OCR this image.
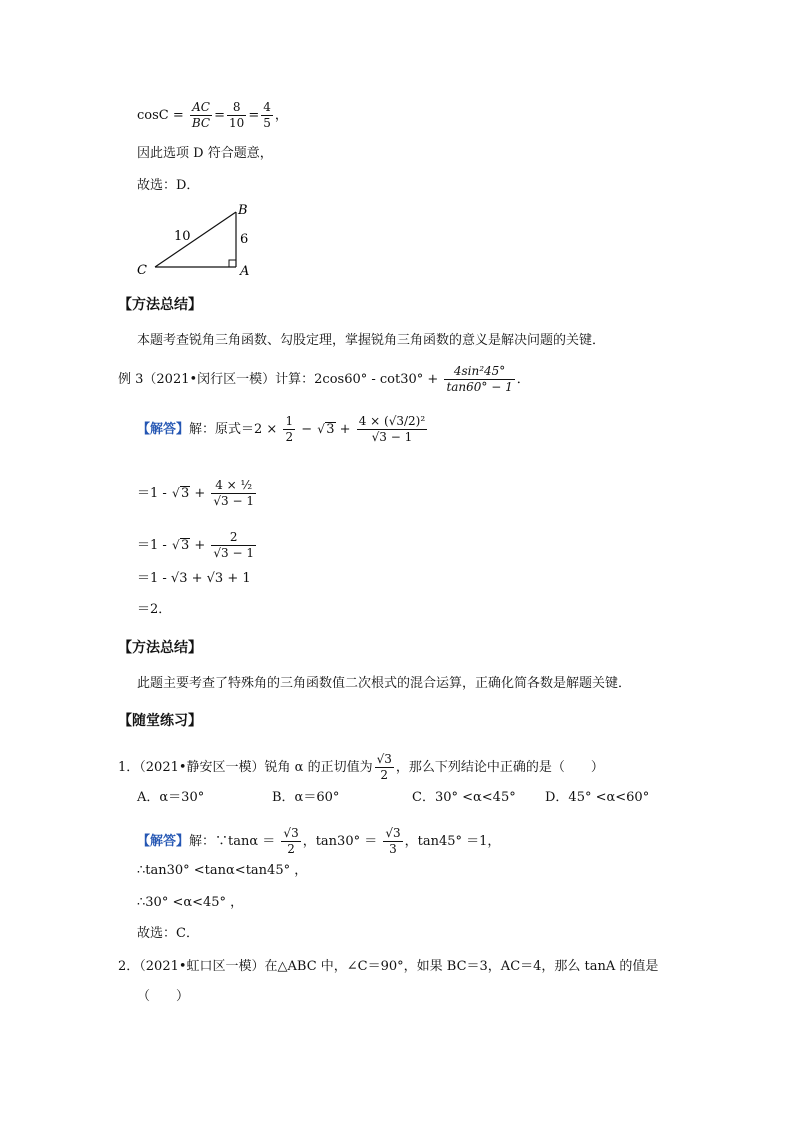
$\cos C = \frac{AC}{BC} = \frac{8}{10} = \frac{4}{5}$ ，
因此选项 D 符合题意，
故选：D．
B
A
C
10	6
【方法总结】
本题考查锐角三角函数、勾股定理，掌握锐角三角函数的意义是解决问题的关键．
例 3（2021•闵行区一模）计算：$2\cos 60^\circ - \cot 30^\circ + \frac{\text{4sin²45°}}{\tan 60^\circ - 1}$ ．
【解答】解：原式$=2 \times \frac{1}{2}$ − √ $3 + \frac{\text{4 × (√3/2)²}}{√3 - 1}$
＝1 - √ $3 + \frac{\text{4 × ½}}{√3 - 1}$
＝1 - √ $3 + \frac{2}{√3 - 1}$
＝1 - √3 + √3 + 1
＝2．
【方法总结】
此题主要考查了特殊角的三角函数值二次根式的混合运算，正确化简各数是解题关键．
【随堂练习】
1．（2021•静安区一模）锐角 α 的正切值为 $\frac{√3}{2}$ ，那么下列结论中正确的是（　　）
A．α＝30°	B．α＝60°	C．30° <α<45° D．45° <α<60°
【解答】解：∵tanα ＝ $\frac{√3}{2}$ ，$\tan 30^\circ = \frac{√3}{3}$ ，tan45° ＝1，
∴tan30° <tanα<tan45° ，
∴30° <α<45° ，
故选：C．
2．（2021•虹口区一模）在△ABC 中，∠C＝90°，如果 BC＝3，AC＝4，那么 tanA 的值是
（　　）
